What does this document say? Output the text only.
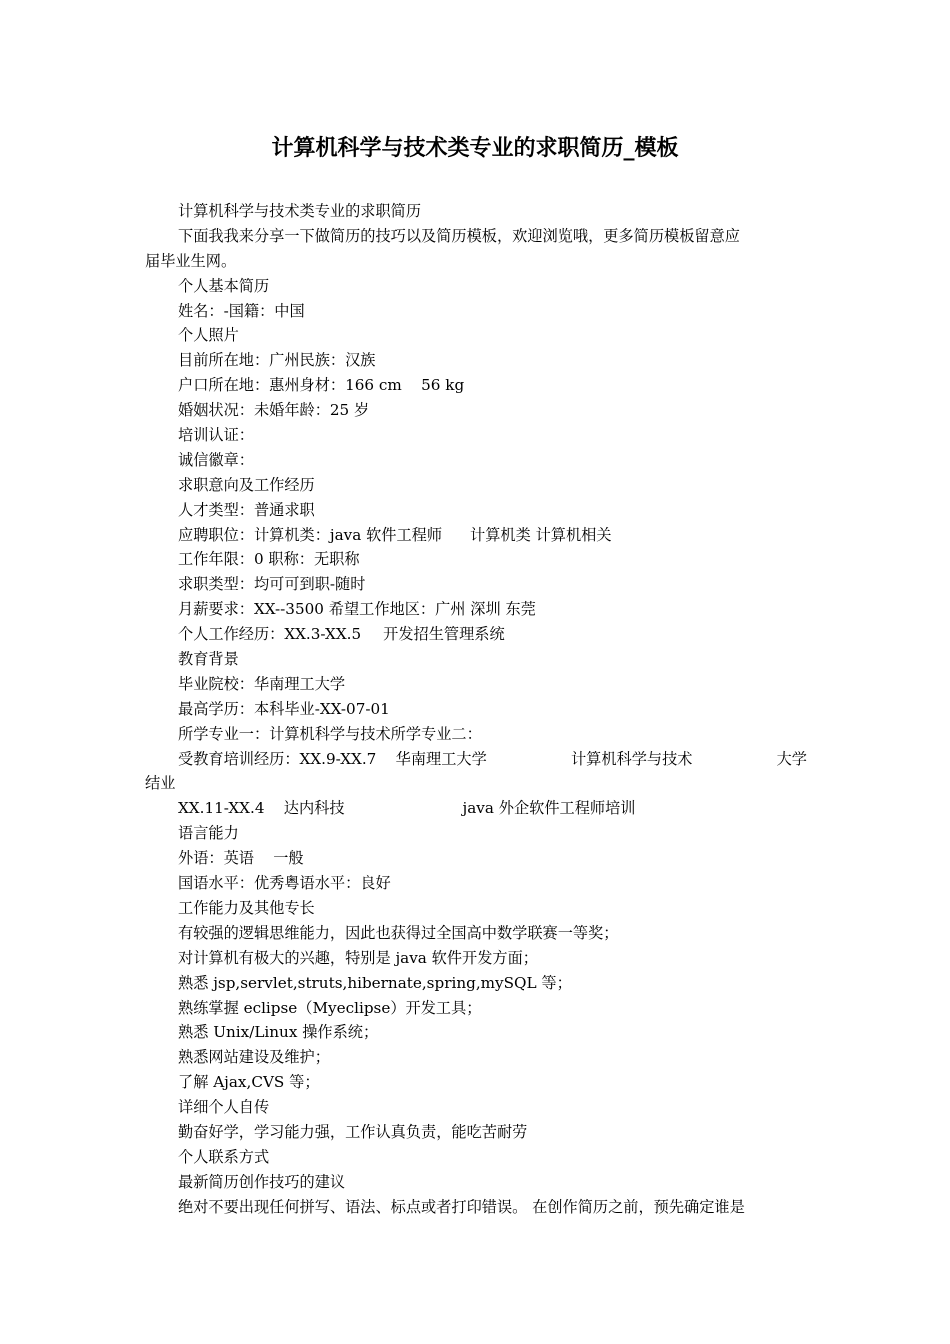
计算机科学与技术类专业的求职简历_模板
计算机科学与技术类专业的求职简历
下面我我来分享一下做简历的技巧以及简历模板，欢迎浏览哦，更多简历模板留意应
届毕业生网。
个人基本简历
姓名：-国籍：中国
个人照片
目前所在地：广州民族：汉族
户口所在地：惠州身材：166 cm    56 kg
婚姻状况：未婚年龄：25 岁
培训认证：
诚信徽章：
求职意向及工作经历
人才类型：普通求职
应聘职位：计算机类：java 软件工程师 计算机类 计算机相关
工作年限：0 职称：无职称
求职类型：均可可到职-随时
月薪要求：XX--3500 希望工作地区：广州 深圳 东莞
个人工作经历：XX.3-XX.5 开发招生管理系统
教育背景
毕业院校：华南理工大学
最高学历：本科毕业-XX-07-01
所学专业一：计算机科学与技术所学专业二：
受教育培训经历：XX.9-XX.7    华南理工大学	计算机科学与技术	大学
结业
XX.11-XX.4    达内科技	java 外企软件工程师培训
语言能力
外语：英语    一般
国语水平：优秀粤语水平：良好
工作能力及其他专长
有较强的逻辑思维能力，因此也获得过全国高中数学联赛一等奖；
对计算机有极大的兴趣，特别是 java 软件开发方面；
熟悉 jsp,servlet,struts,hibernate,spring,mySQL 等；
熟练掌握 eclipse（Myeclipse）开发工具；
熟悉 Unix/Linux 操作系统；
熟悉网站建设及维护；
了解 Ajax,CVS 等；
详细个人自传
勤奋好学，学习能力强，工作认真负责，能吃苦耐劳
个人联系方式
最新简历创作技巧的建议
绝对不要出现任何拼写、语法、标点或者打印错误。 在创作简历之前，预先确定谁是
